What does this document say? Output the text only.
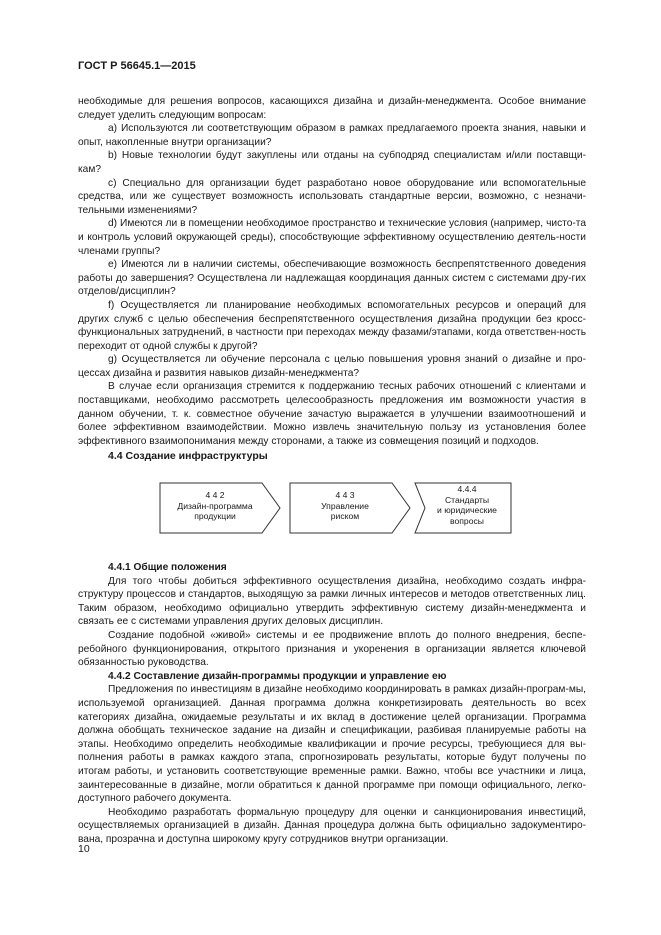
ГОСТ Р 56645.1—2015

необходимые для решения вопросов, касающихся дизайна и дизайн-менеджмента. Особое внимание следует уделить следующим вопросам:

a) Используются ли соответствующим образом в рамках предлагаемого проекта знания, навыки и опыт, накопленные внутри организации?

b) Новые технологии будут закуплены или отданы на субподряд специалистам и/или поставщи-кам?

c) Специально для организации будет разработано новое оборудование или вспомогательные средства, или же существует возможность использовать стандартные версии, возможно, с незначи-тельными изменениями?

d) Имеются ли в помещении необходимое пространство и технические условия (например, чисто-та и контроль условий окружающей среды), способствующие эффективному осуществлению деятель-ности членами группы?

e) Имеются ли в наличии системы, обеспечивающие возможность беспрепятственного доведения работы до завершения? Осуществлена ли надлежащая координация данных систем с системами дру-гих отделов/дисциплин?

f) Осуществляется ли планирование необходимых вспомогательных ресурсов и операций для других служб с целью обеспечения беспрепятственного осуществления дизайна продукции без кросс-функциональных затруднений, в частности при переходах между фазами/этапами, когда ответствен-ность переходит от одной службы к другой?

g) Осуществляется ли обучение персонала с целью повышения уровня знаний о дизайне и про-цессах дизайна и развития навыков дизайн-менеджмента?

В случае если организация стремится к поддержанию тесных рабочих отношений с клиентами и поставщиками, необходимо рассмотреть целесообразность предложения им возможности участия в данном обучении, т. к. совместное обучение зачастую выражается в улучшении взаимоотношений и более эффективном взаимодействии. Можно извлечь значительную пользу из установления более эффективного взаимопонимания между сторонами, а также из совмещения позиций и подходов.

4.4 Создание инфраструктуры
4 4 2
Дизайн-программа
продукции
4 4 3
Управление
риском
4.4.4
Стандарты
и юридические
вопросы

4.4.1 Общие положения

Для того чтобы добиться эффективного осуществления дизайна, необходимо создать инфра-структуру процессов и стандартов, выходящую за рамки личных интересов и методов ответственных лиц. Таким образом, необходимо официально утвердить эффективную систему дизайн-менеджмента и связать ее с системами управления других деловых дисциплин.

Создание подобной «живой» системы и ее продвижение вплоть до полного внедрения, беспе-ребойного функционирования, открытого признания и укоренения в организации является ключевой обязанностью руководства.

4.4.2 Составление дизайн-программы продукции и управление ею

Предложения по инвестициям в дизайне необходимо координировать в рамках дизайн-програм-мы, используемой организацией. Данная программа должна конкретизировать деятельность во всех категориях дизайна, ожидаемые результаты и их вклад в достижение целей организации. Программа должна обобщать техническое задание на дизайн и спецификации, разбивая планируемые работы на этапы. Необходимо определить необходимые квалификации и прочие ресурсы, требующиеся для вы-полнения работы в рамках каждого этапа, спрогнозировать результаты, которые будут получены по итогам работы, и установить соответствующие временные рамки. Важно, чтобы все участники и лица, заинтересованные в дизайне, могли обратиться к данной программе при помощи официального, легко-доступного рабочего документа.

Необходимо разработать формальную процедуру для оценки и санкционирования инвестиций, осуществляемых организацией в дизайн. Данная процедура должна быть официально задокументиро-вана, прозрачна и доступна широкому кругу сотрудников внутри организации.

10
